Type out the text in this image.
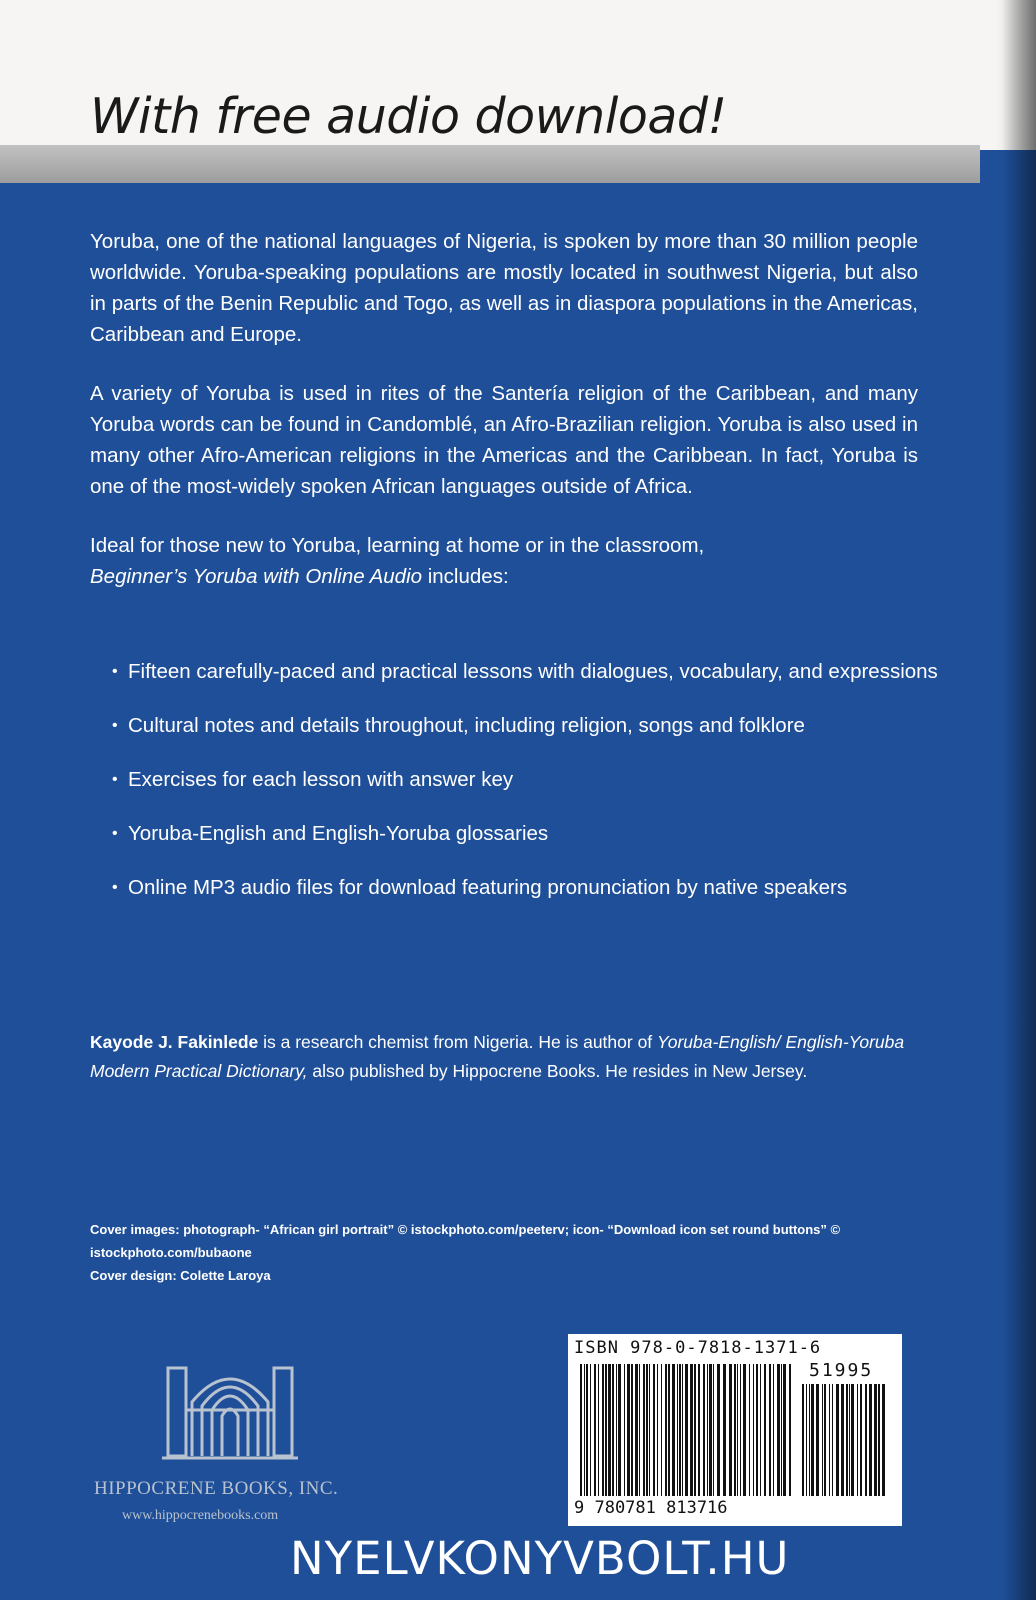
With free audio download!

Yoruba, one of the national languages of Nigeria, is spoken by more than 30 million people worldwide. Yoruba-speaking populations are mostly located in southwest Nigeria, but also in parts of the Benin Republic and Togo, as well as in diaspora populations in the Americas, Caribbean and Europe.

A variety of Yoruba is used in rites of the Santería religion of the Caribbean, and many Yoruba words can be found in Candomblé, an Afro-Brazilian religion. Yoruba is also used in many other Afro-American religions in the Americas and the Caribbean. In fact, Yoruba is one of the most-widely spoken African languages outside of Africa.

Ideal for those new to Yoruba, learning at home or in the classroom,
Beginner’s Yoruba with Online Audio includes:

• Fifteen carefully-paced and practical lessons with dialogues, vocabulary, and expressions
• Cultural notes and details throughout, including religion, songs and folklore
• Exercises for each lesson with answer key
• Yoruba-English and English-Yoruba glossaries
• Online MP3 audio files for download featuring pronunciation by native speakers

Kayode J. Fakinlede is a research chemist from Nigeria. He is author of Yoruba-English/ English-Yoruba Modern Practical Dictionary, also published by Hippocrene Books. He resides in New Jersey.

Cover images: photograph- “African girl portrait” © istockphoto.com/peeterv; icon- “Download icon set round buttons” © istockphoto.com/bubaone
Cover design: Colette Laroya

HIPPOCRENE BOOKS, INC.

www.hippocrenebooks.com

ISBN 978-0-7818-1371-6

51995

9 780781 813716

NYELVKONYVBOLT.HU
